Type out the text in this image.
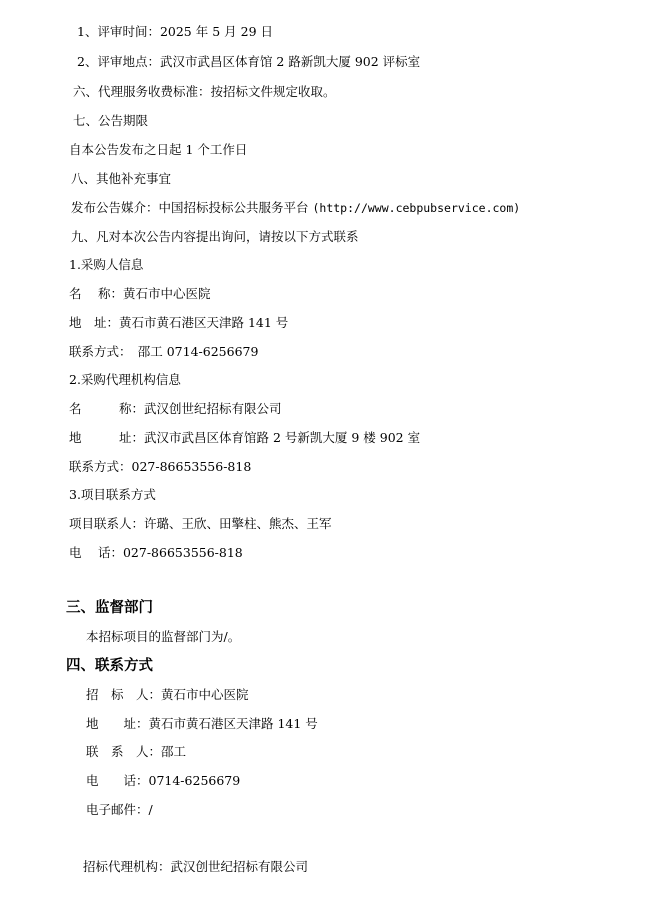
1、评审时间：2025 年 5 月 29 日
2、评审地点：武汉市武昌区体育馆 2 路新凯大厦 902 评标室
六、代理服务收费标准：按招标文件规定收取。
七、公告期限
自本公告发布之日起 1 个工作日
八、其他补充事宜
发布公告媒介：中国招标投标公共服务平台 (http://www.cebpubservice.com)
九、凡对本次公告内容提出询问，请按以下方式联系
1.采购人信息
名　 称：黄石市中心医院
地　址：黄石市黄石港区天津路 141 号
联系方式：　邵工 0714-6256679
2.采购代理机构信息
名　　　称：武汉创世纪招标有限公司
地　　　址：武汉市武昌区体育馆路 2 号新凯大厦 9 楼 902 室
联系方式：027-86653556-818
3.项目联系方式
项目联系人：许璐、王欣、田擎柱、熊杰、王军
电　 话：027-86653556-818
三、监督部门
本招标项目的监督部门为/。
四、联系方式
招　标　人：黄石市中心医院
地　　址：黄石市黄石港区天津路 141 号
联　系　人：邵工
电　　话：0714-6256679
电子邮件：/
招标代理机构：武汉创世纪招标有限公司
